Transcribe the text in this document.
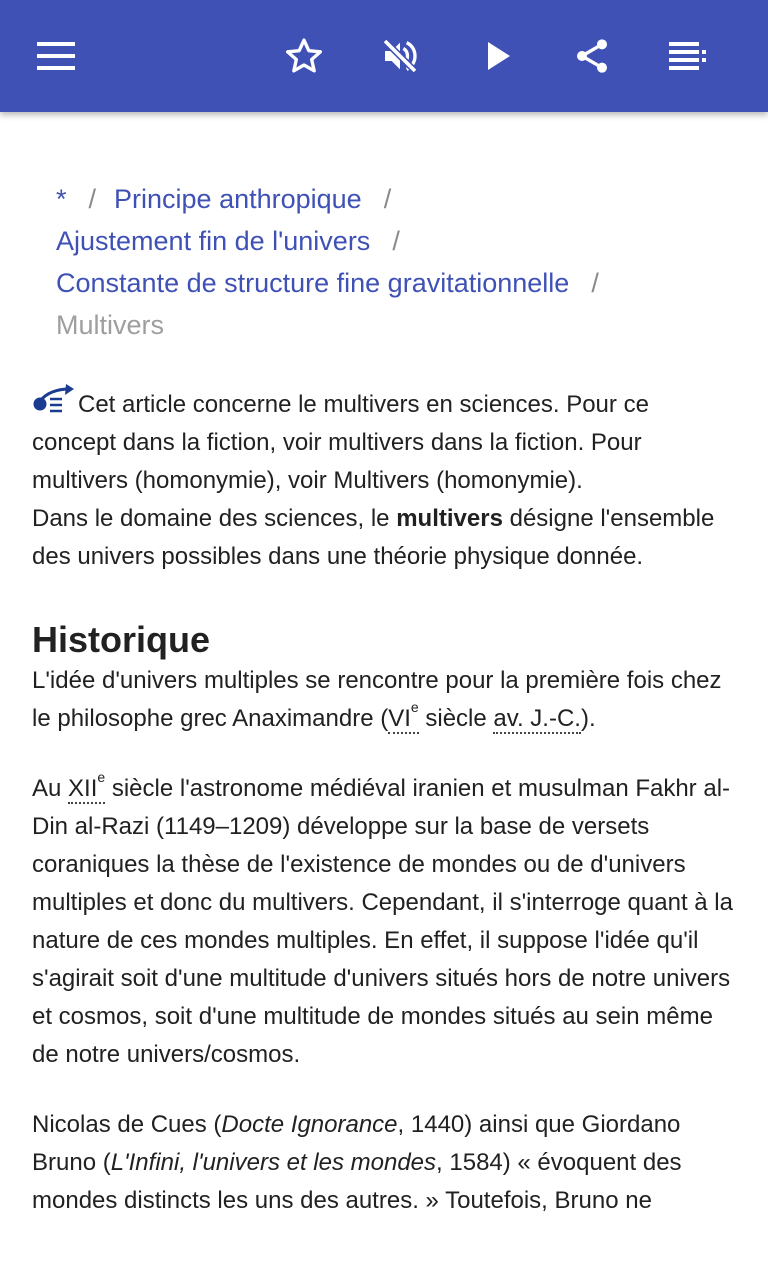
* / Principe anthropique /
Ajustement fin de l'univers /
Constante de structure fine gravitationnelle /
Multivers

Cet article concerne le multivers en sciences. Pour ce concept dans la fiction, voir multivers dans la fiction. Pour multivers (homonymie), voir Multivers (homonymie).

Dans le domaine des sciences, le multivers désigne l'ensemble des univers possibles dans une théorie physique donnée.

Historique

L'idée d'univers multiples se rencontre pour la première fois chez le philosophe grec Anaximandre (VIe siècle av. J.-C.).

Au XIIe siècle l'astronome médiéval iranien et musulman Fakhr al-Din al-Razi (1149–1209) développe sur la base de versets coraniques la thèse de l'existence de mondes ou de d'univers multiples et donc du multivers. Cependant, il s'interroge quant à la nature de ces mondes multiples. En effet, il suppose l'idée qu'il s'agirait soit d'une multitude d'univers situés hors de notre univers et cosmos, soit d'une multitude de mondes situés au sein même de notre univers/cosmos.

Nicolas de Cues (Docte Ignorance, 1440) ainsi que Giordano Bruno (L'Infini, l'univers et les mondes, 1584) « évoquent des mondes distincts les uns des autres. » Toutefois, Bruno ne
